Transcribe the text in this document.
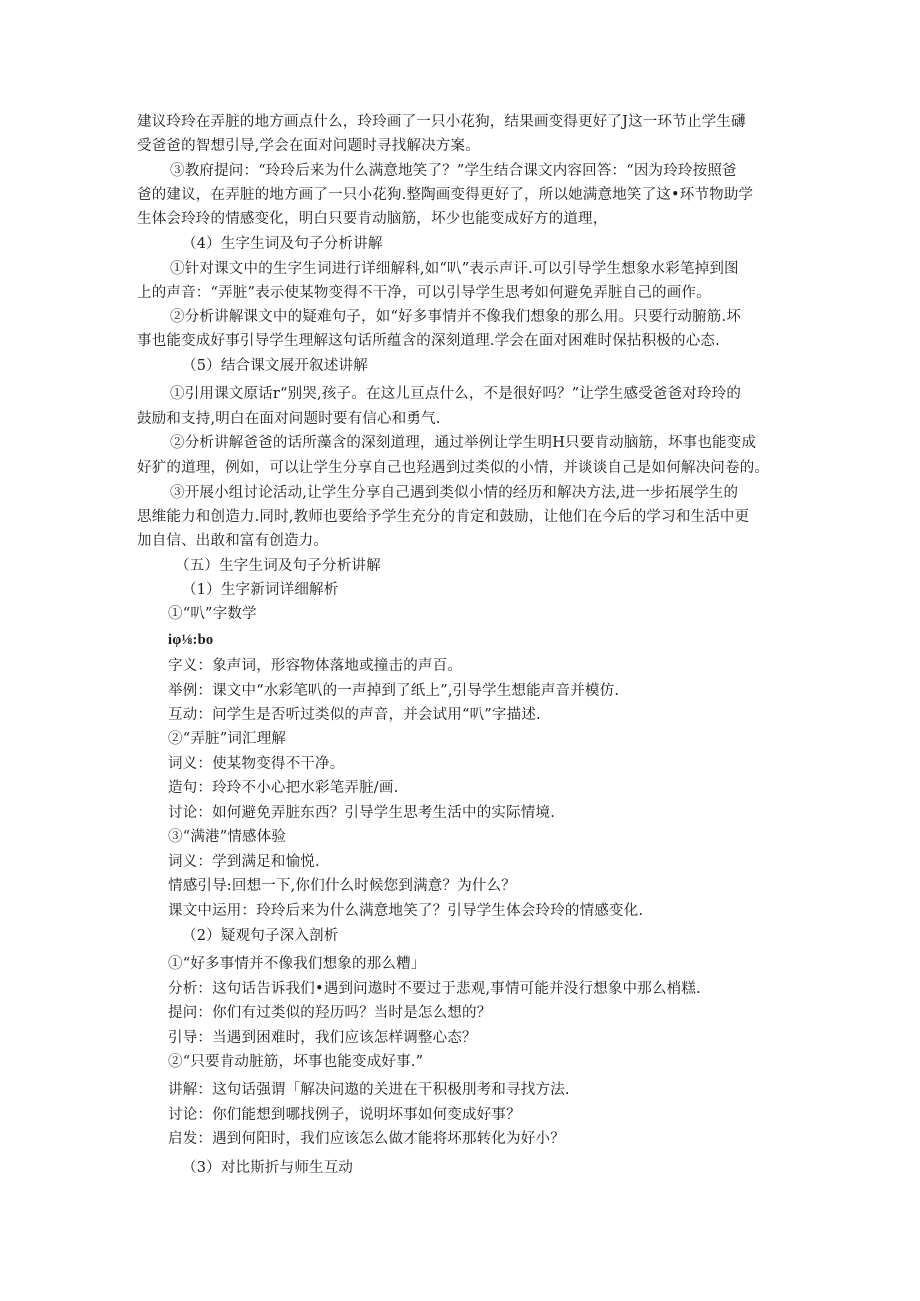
建议玲玲在弄脏的地方画点什么，玲玲画了一只小花狗，结果画变得更好了J这一环节止学生礴
受爸爸的智想引导,学会在面对问题时寻找解决方案。
③教府提问：“玲玲后来为什么满意地笑了？”学生结合课文内容回答：“因为玲玲按照爸
爸的建议，在弄脏的地方画了一只小花狗.整陶画变得更好了，所以她满意地笑了这•环节物助学
生体会玲玲的情感变化，明白只要肯动脑筋，坏少也能变成好方的道理，
（4）生字生词及句子分析讲解
①针对课文中的生字生词进行详细解科,如“叭”表示声讦.可以引导学生想象水彩笔掉到图
上的声音：“弄脏”表示使某物变得不干净，可以引导学生思考如何避免弄脏自己的画作。
②分析讲解课文中的疑难句子，如“好多事情并不像我们想象的那么用。只要行动腑筋.坏
事也能变成好事引导学生理解这句话所蕴含的深刻道理.学会在面对困难时保拈积极的心态.
（5）结合课文展开叙述讲解
①引用课文原话r“别哭,孩子。在这儿亘点什么，不是很好吗？”让学生感受爸爸对玲玲的
鼓励和支持,明白在面对问题时要有信心和勇气.
②分析讲解爸爸的话所藻含的深刻道理，通过举例让学生明H只要肯动脑筋，坏事也能变成
好犷的道理，例如，可以让学生分享自己也羟遇到过类似的小情，并谈谈自己是如何解决问卷的。
③开展小组讨论活动,让学生分享自己遇到类似小情的经历和解决方法,进一步拓展学生的
思维能力和创造力.同时,教师也要给予学生充分的肯定和鼓励，让他们在今后的学习和生活中更
加自信、出敢和富有创造力。
（五）生字生词及句子分析讲解
（1）生字新词详细解析
①“叭”字数学
iφ⅛:bo
字义：象声词，形容物体落地或撞击的声百。
举例：课文中“水彩笔叭的一声掉到了纸上”,引导学生想能声音并模仿.
互动：问学生是否听过类似的声音，并会试用“叭”字描述.
②“弄脏”词汇理解
词义：使某物变得不干净。
造句：玲玲不小心把水彩笔弄脏/画.
讨论：如何避免弄脏东西？引导学生思考生活中的实际情境.
③“满港”情感体验
词义：学到满足和愉悦.
情感引导:回想一下,你们什么时候您到满意？为什么？
课文中运用：玲玲后来为什么满意地笑了？引导学生体会玲玲的情感变化.
（2）疑观句子深入剖析
①“好多事情并不像我们想象的那么糟」
分析：这句话告诉我们•遇到问遨时不要过于悲观,事情可能并没行想象中那么梢糕.
提问：你们有过类似的羟历吗？当时是怎么想的？
引导：当遇到困难时，我们应该怎样调整心态？
②“只要肯动脏筋，坏事也能变成好事.”
讲解：这句话强谓「解决问遨的关进在干积极刖考和寻找方法.
讨论：你们能想到哪找例子，说明坏事如何变成好事？
启发：遇到何阳时，我们应该怎么做才能将坏那转化为好小？
（3）对比斯折与师生互动
